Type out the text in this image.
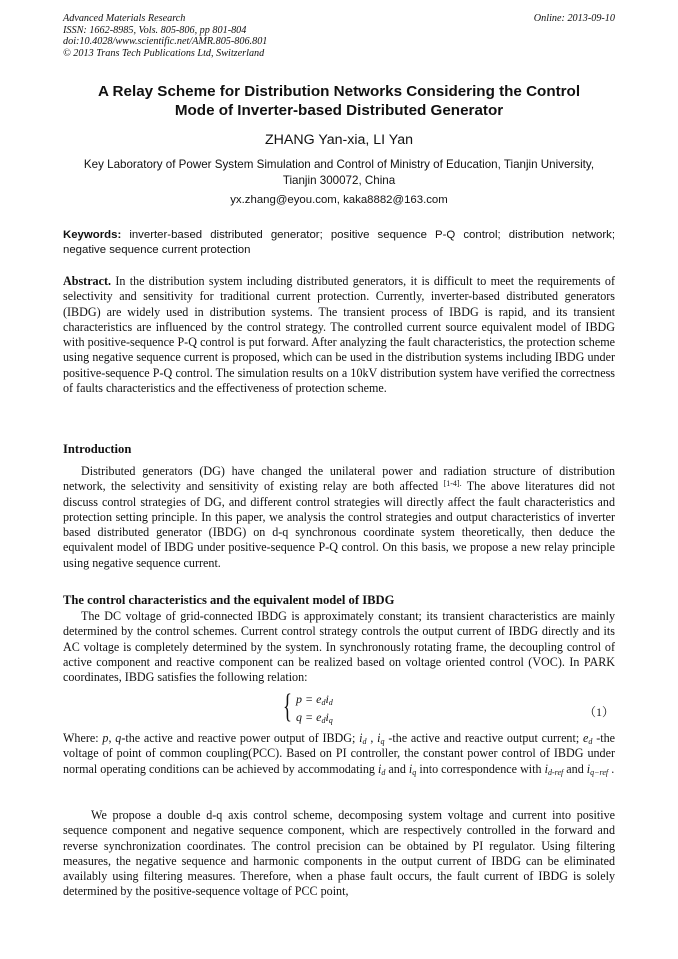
Advanced Materials Research
ISSN: 1662-8985, Vols. 805-806, pp 801-804
doi:10.4028/www.scientific.net/AMR.805-806.801
© 2013 Trans Tech Publications Ltd, Switzerland
Online: 2013-09-10
A Relay Scheme for Distribution Networks Considering the Control
Mode of Inverter-based Distributed Generator
ZHANG Yan-xia, LI Yan
Key Laboratory of Power System Simulation and Control of Ministry of Education, Tianjin University,
Tianjin 300072, China
yx.zhang@eyou.com, kaka8882@163.com
Keywords: inverter-based distributed generator; positive sequence P-Q control; distribution network; negative sequence current protection
Abstract. In the distribution system including distributed generators, it is difficult to meet the requirements of selectivity and sensitivity for traditional current protection. Currently, inverter-based distributed generators (IBDG) are widely used in distribution systems. The transient process of IBDG is rapid, and its transient characteristics are influenced by the control strategy. The controlled current source equivalent model of IBDG with positive-sequence P-Q control is put forward. After analyzing the fault characteristics, the protection scheme using negative sequence current is proposed, which can be used in the distribution systems including IBDG under positive-sequence P-Q control. The simulation results on a 10kV distribution system have verified the correctness of faults characteristics and the effectiveness of protection scheme.
Introduction
Distributed generators (DG) have changed the unilateral power and radiation structure of distribution network, the selectivity and sensitivity of existing relay are both affected $^{[1-4].}$ The above literatures did not discuss control strategies of DG, and different control strategies will directly affect the fault characteristics and protection setting principle. In this paper, we analysis the control strategies and output characteristics of inverter based distributed generator (IBDG) on d-q synchronous coordinate system theoretically, then deduce the equivalent model of IBDG under positive-sequence P-Q control. On this basis, we propose a new relay principle using negative sequence current.
The control characteristics and the equivalent model of IBDG
The DC voltage of grid-connected IBDG is approximately constant; its transient characteristics are mainly determined by the control schemes. Current control strategy controls the output current of IBDG directly and its AC voltage is completely determined by the system. In synchronously rotating frame, the decoupling control of active component and reactive component can be realized based on voltage oriented control (VOC). In PARK coordinates, IBDG satisfies the following relation:
{ $p = e_di_d$
$q = e_di_q$
（1）
Where: p, q-the active and reactive power output of IBDG; $i_d$ , $i_q$ -the active and reactive output current; $e_d$ -the voltage of point of common coupling(PCC). Based on PI controller, the constant power control of IBDG under normal operating conditions can be achieved by accommodating $i_d$ and $i_q$ into correspondence with $i_{d-ref}$ and $i_{q-ref}$ .
We propose a double d-q axis control scheme, decomposing system voltage and current into positive sequence component and negative sequence component, which are respectively controlled in the forward and reverse synchronization coordinates. The control precision can be obtained by PI regulator. Using filtering measures, the negative sequence and harmonic components in the output current of IBDG can be eliminated availably using filtering measures. Therefore, when a phase fault occurs, the fault current of IBDG is solely determined by the positive-sequence voltage of PCC point,
